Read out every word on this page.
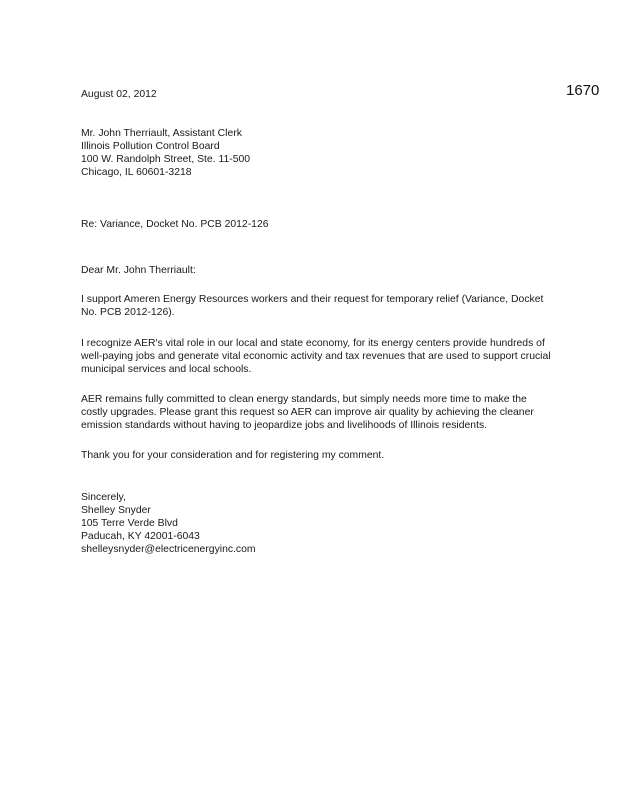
1670
August 02, 2012
Mr. John Therriault, Assistant Clerk
Illinois Pollution Control Board
100 W. Randolph Street, Ste. 11-500
Chicago, IL 60601-3218
Re: Variance, Docket No. PCB 2012-126
Dear Mr. John Therriault:

I support Ameren Energy Resources workers and their request for temporary relief (Variance, Docket No. PCB 2012-126).

I recognize AER's vital role in our local and state economy, for its energy centers provide hundreds of well-paying jobs and generate vital economic activity and tax revenues that are used to support crucial municipal services and local schools.

AER remains fully committed to clean energy standards, but simply needs more time to make the costly upgrades. Please grant this request so AER can improve air quality by achieving the cleaner emission standards without having to jeopardize jobs and livelihoods of Illinois residents.

Thank you for your consideration and for registering my comment.

Sincerely,
Shelley Snyder
105 Terre Verde Blvd
Paducah, KY 42001-6043
shelleysnyder@electricenergyinc.com
